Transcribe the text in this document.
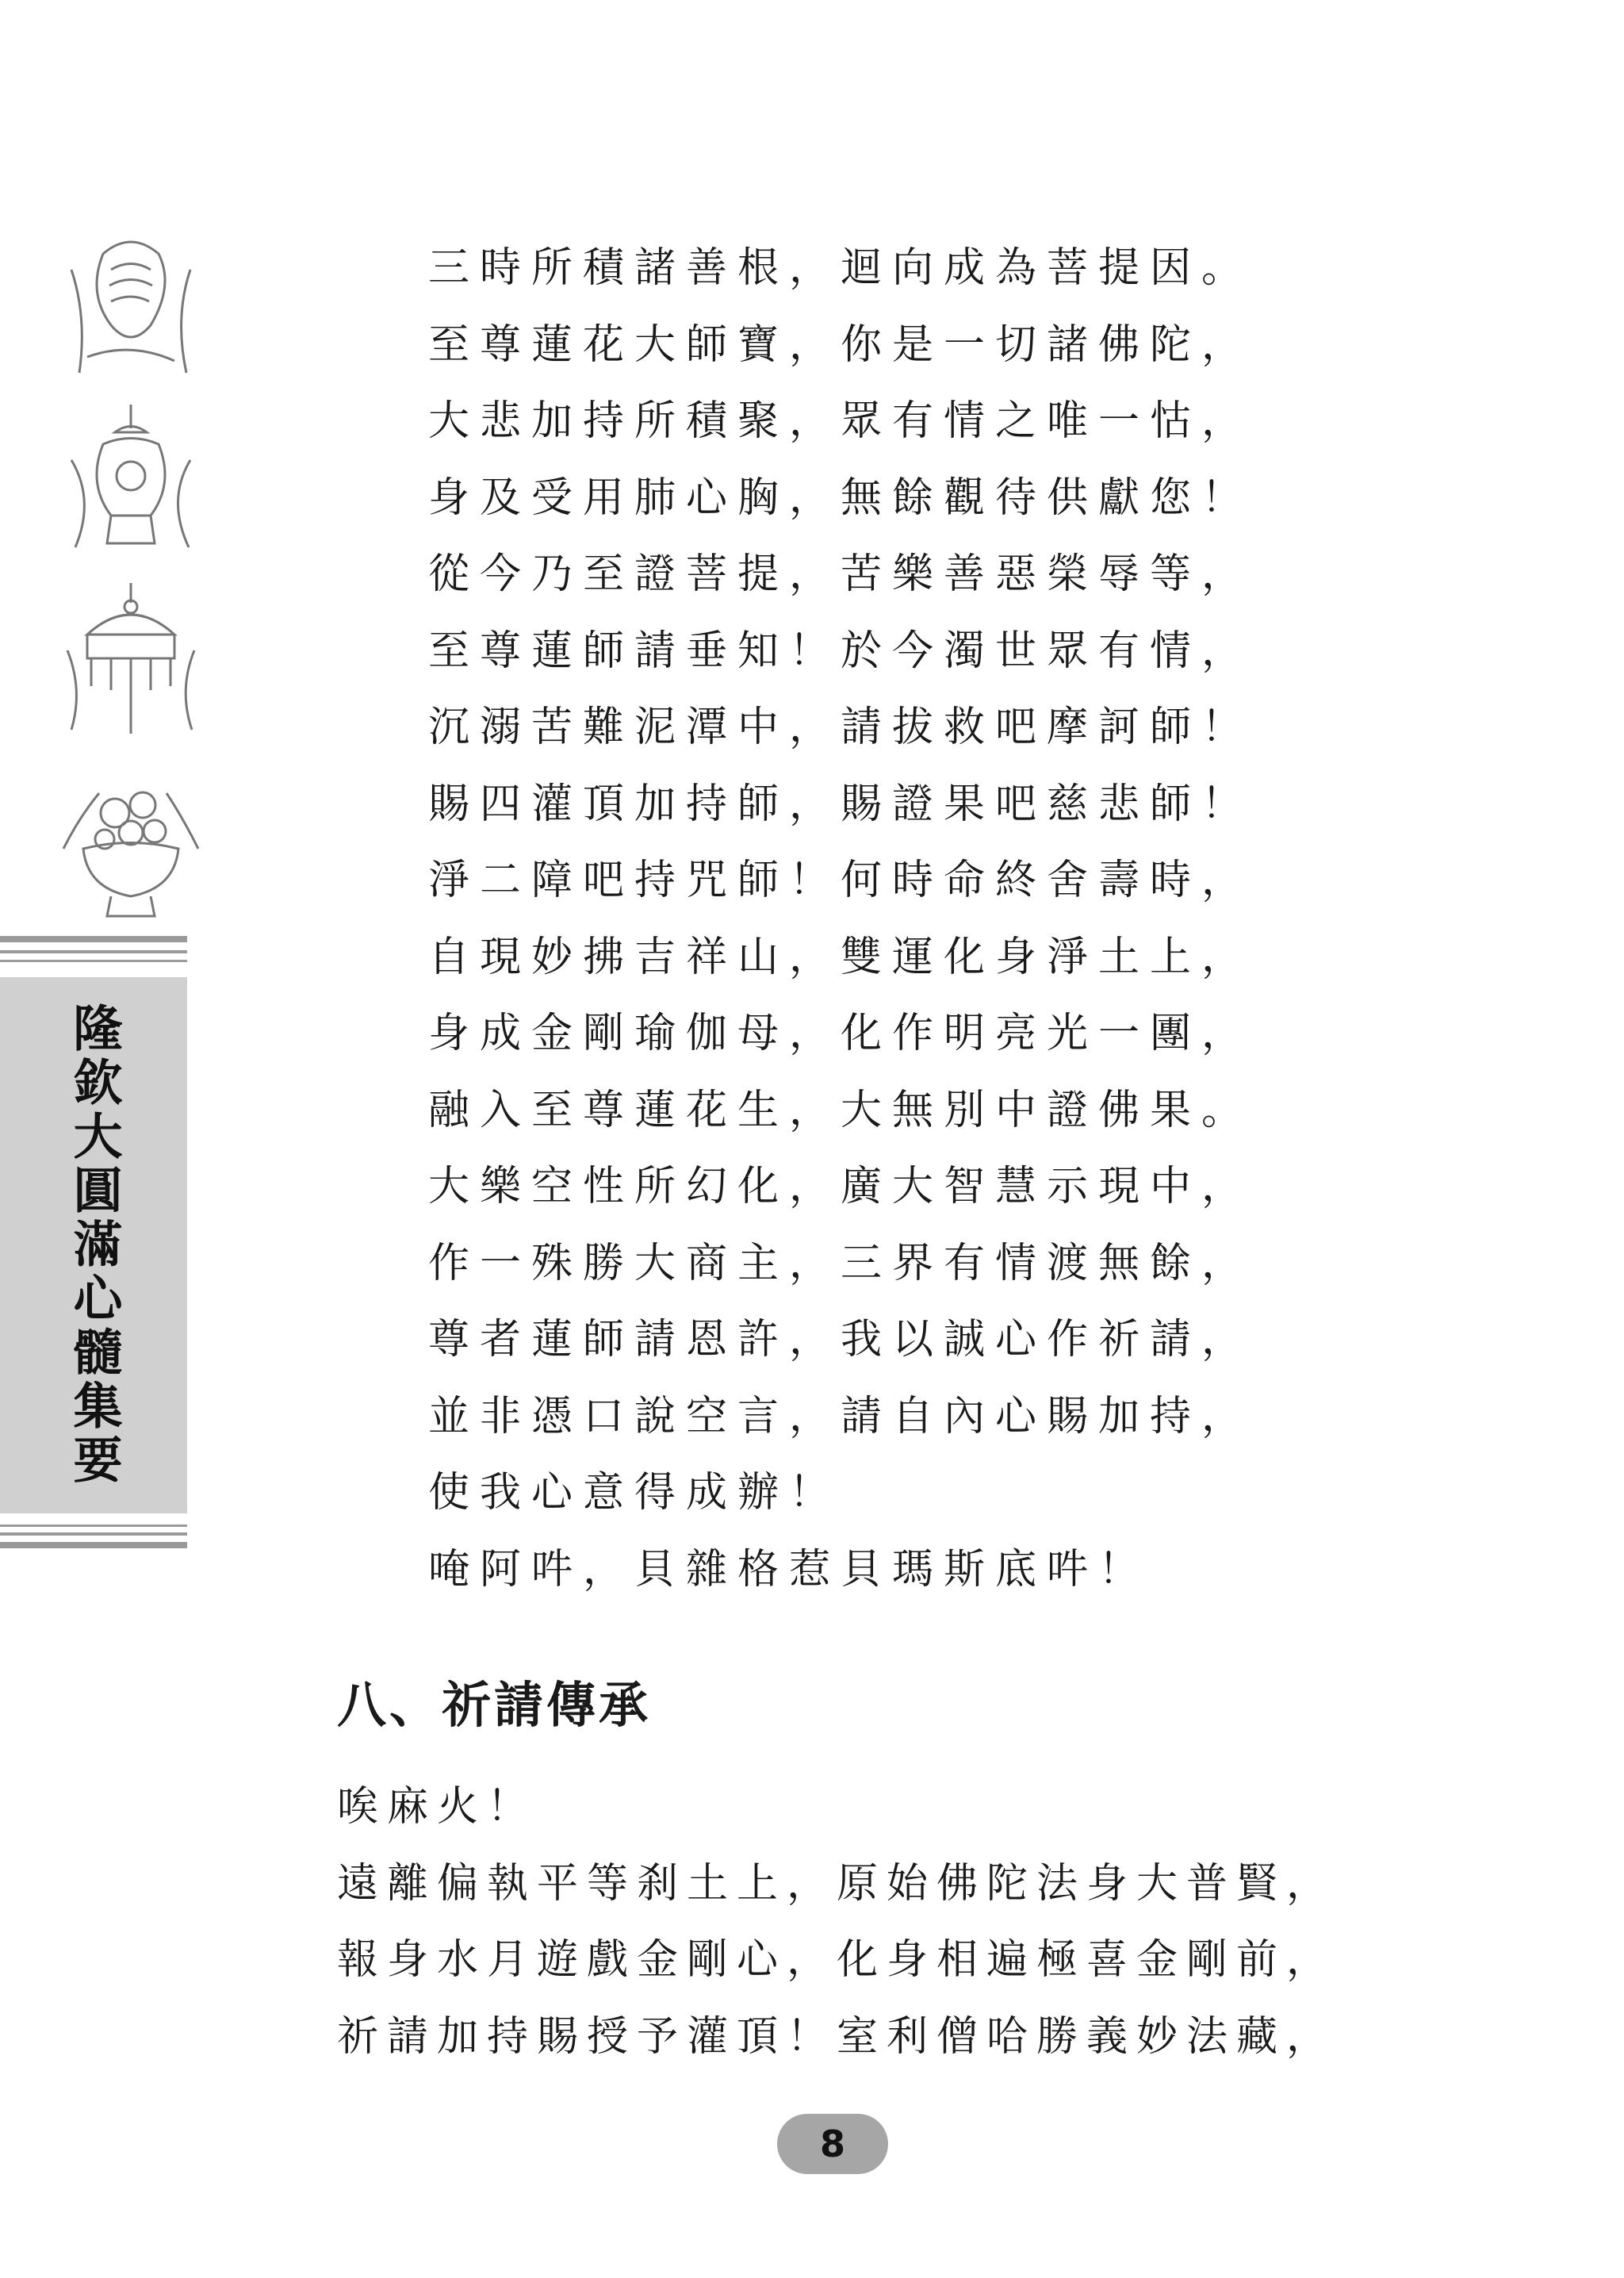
隆欽大圓滿心髓集要
三時所積諸善根，迴向成為菩提因。
至尊蓮花大師寶，你是一切諸佛陀，
大悲加持所積聚，眾有情之唯一怙，
身及受用肺心胸，無餘觀待供獻您！
從今乃至證菩提，苦樂善惡榮辱等，
至尊蓮師請垂知！於今濁世眾有情，
沉溺苦難泥潭中，請拔救吧摩訶師！
賜四灌頂加持師，賜證果吧慈悲師！
淨二障吧持咒師！何時命終舍壽時，
自現妙拂吉祥山，雙運化身淨土上，
身成金剛瑜伽母，化作明亮光一團，
融入至尊蓮花生，大無別中證佛果。
大樂空性所幻化，廣大智慧示現中，
作一殊勝大商主，三界有情渡無餘，
尊者蓮師請恩許，我以誠心作祈請，
並非憑口說空言，請自內心賜加持，
使我心意得成辦！
唵阿吽，貝雜格惹貝瑪斯底吽！
八、祈請傳承
唉麻火！
遠離偏執平等刹土上，原始佛陀法身大普賢，
報身水月遊戲金剛心，化身相遍極喜金剛前，
祈請加持賜授予灌頂！室利僧哈勝義妙法藏，
8
